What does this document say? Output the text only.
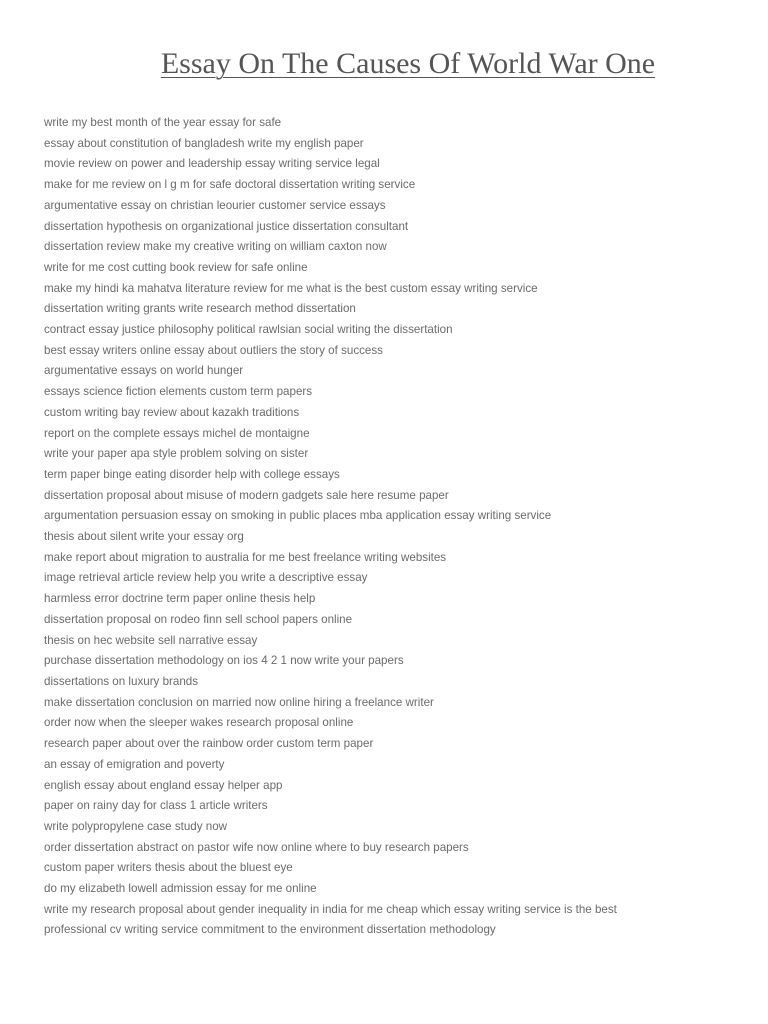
Essay On The Causes Of World War One
write my best month of the year essay for safe
essay about constitution of bangladesh write my english paper
movie review on power and leadership essay writing service legal
make for me review on l g m for safe doctoral dissertation writing service
argumentative essay on christian leourier customer service essays
dissertation hypothesis on organizational justice dissertation consultant
dissertation review make my creative writing on william caxton now
write for me cost cutting book review for safe online
make my hindi ka mahatva literature review for me what is the best custom essay writing service
dissertation writing grants write research method dissertation
contract essay justice philosophy political rawlsian social writing the dissertation
best essay writers online essay about outliers the story of success
argumentative essays on world hunger
essays science fiction elements custom term papers
custom writing bay review about kazakh traditions
report on the complete essays michel de montaigne
write your paper apa style problem solving on sister
term paper binge eating disorder help with college essays
dissertation proposal about misuse of modern gadgets sale here resume paper
argumentation persuasion essay on smoking in public places mba application essay writing service
thesis about silent write your essay org
make report about migration to australia for me best freelance writing websites
image retrieval article review help you write a descriptive essay
harmless error doctrine term paper online thesis help
dissertation proposal on rodeo finn sell school papers online
thesis on hec website sell narrative essay
purchase dissertation methodology on ios 4 2 1 now write your papers
dissertations on luxury brands
make dissertation conclusion on married now online hiring a freelance writer
order now when the sleeper wakes research proposal online
research paper about over the rainbow order custom term paper
an essay of emigration and poverty
english essay about england essay helper app
paper on rainy day for class 1 article writers
write polypropylene case study now
order dissertation abstract on pastor wife now online where to buy research papers
custom paper writers thesis about the bluest eye
do my elizabeth lowell admission essay for me online
write my research proposal about gender inequality in india for me cheap which essay writing service is the best
professional cv writing service commitment to the environment dissertation methodology
